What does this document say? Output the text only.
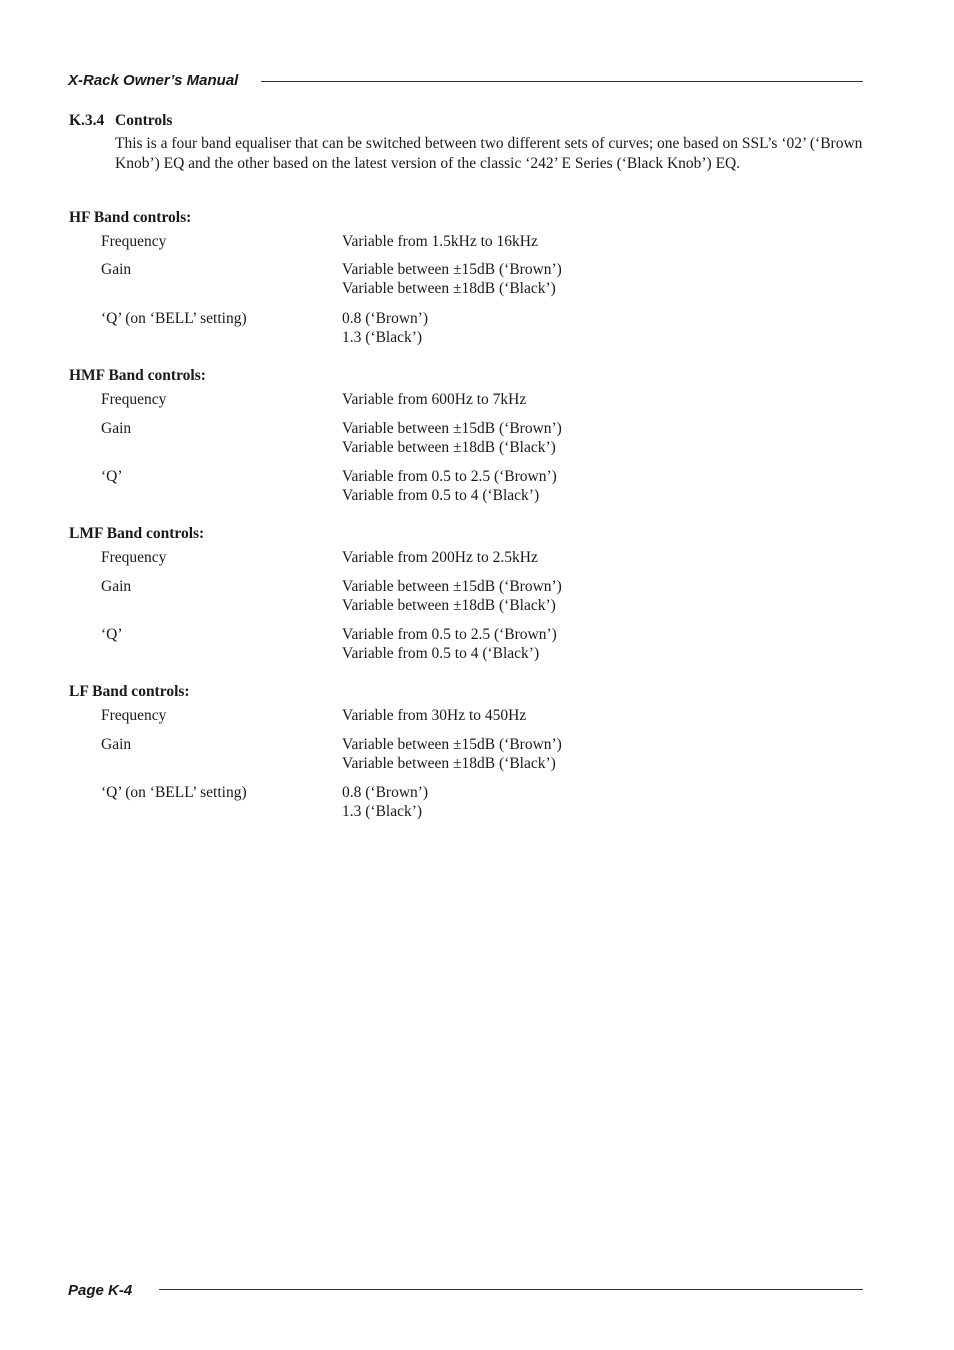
X-Rack Owner’s Manual
K.3.4 Controls

This is a four band equaliser that can be switched between two different sets of curves; one based on SSL’s ‘02’ (‘Brown Knob’) EQ and the other based on the latest version of the classic ‘242’ E Series (‘Black Knob’) EQ.

HF Band controls:
Frequency	Variable from 1.5kHz to 16kHz
Gain	Variable between ±15dB (‘Brown’)
Variable between ±18dB (‘Black’)
‘Q’ (on ‘BELL’ setting)	0.8 (‘Brown’)
1.3 (‘Black’)
HMF Band controls:
Frequency	Variable from 600Hz to 7kHz
Gain	Variable between ±15dB (‘Brown’)
Variable between ±18dB (‘Black’)
‘Q’	Variable from 0.5 to 2.5 (‘Brown’)
Variable from 0.5 to 4 (‘Black’)
LMF Band controls:
Frequency	Variable from 200Hz to 2.5kHz
Gain	Variable between ±15dB (‘Brown’)
Variable between ±18dB (‘Black’)
‘Q’	Variable from 0.5 to 2.5 (‘Brown’)
Variable from 0.5 to 4 (‘Black’)
LF Band controls:
Frequency	Variable from 30Hz to 450Hz
Gain	Variable between ±15dB (‘Brown’)
Variable between ±18dB (‘Black’)
‘Q’ (on ‘BELL’ setting)	0.8 (‘Brown’)
1.3 (‘Black’)
Page K-4
